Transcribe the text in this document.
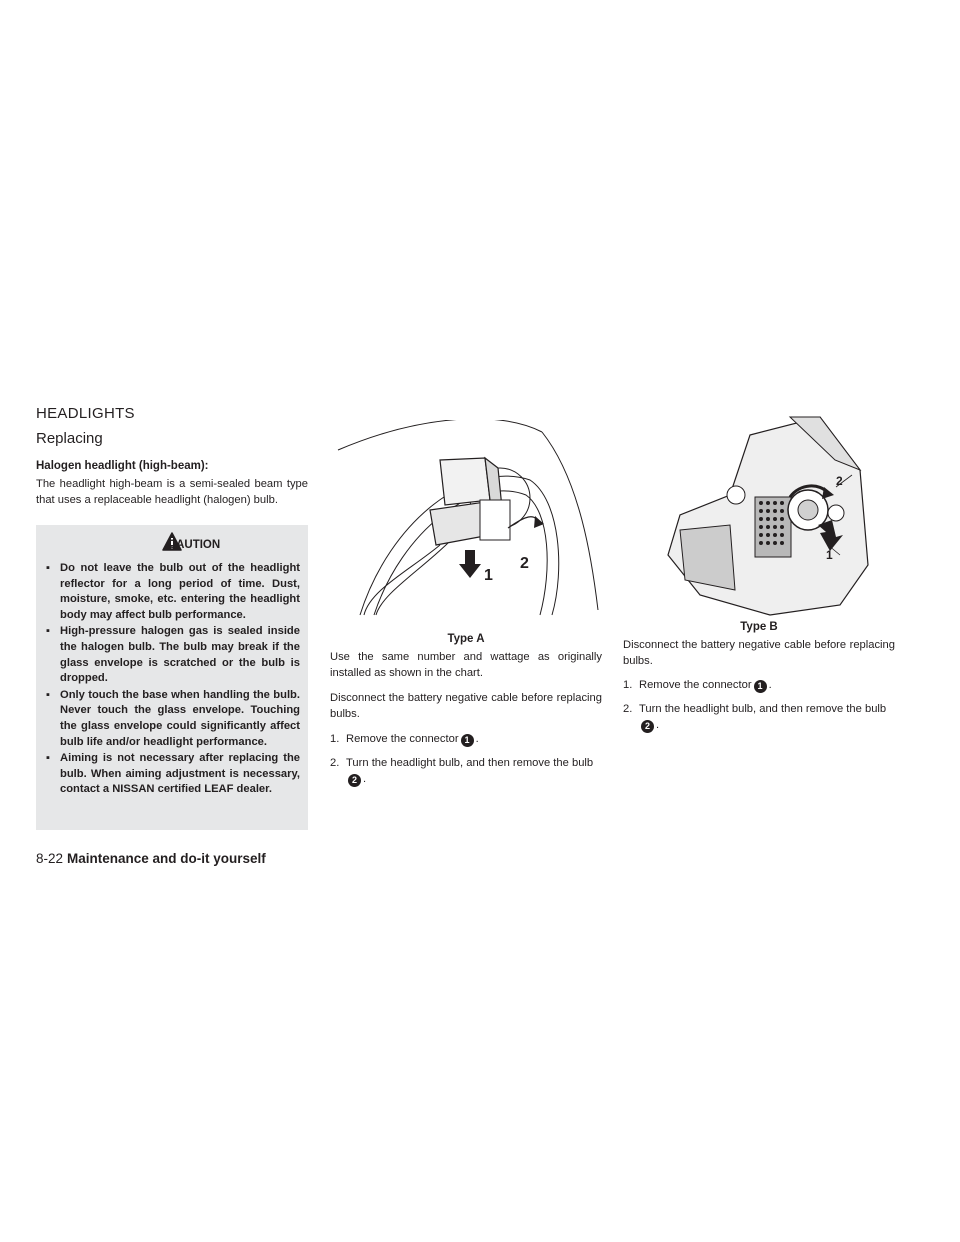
HEADLIGHTS
Replacing
Halogen headlight (high-beam):
The headlight high-beam is a semi-sealed beam type that uses a replaceable headlight (halogen) bulb.
CAUTION
▪ Do not leave the bulb out of the headlight reflector for a long period of time. Dust, moisture, smoke, etc. entering the headlight body may affect bulb performance.
▪ High-pressure halogen gas is sealed inside the halogen bulb. The bulb may break if the glass envelope is scratched or the bulb is dropped.
▪ Only touch the base when handling the bulb. Never touch the glass envelope. Touching the glass envelope could significantly affect bulb life and/or headlight performance.
▪ Aiming is not necessary after replacing the bulb. When aiming adjustment is necessary, contact a NISSAN certified LEAF dealer.
1
2
Type A
Use the same number and wattage as originally installed as shown in the chart.
Disconnect the battery negative cable before replacing bulbs.
1. Remove the connector 1 .
2. Turn the headlight bulb, and then remove the bulb2 .
2
1
Type B
Disconnect the battery negative cable before replacing bulbs.
1. Remove the connector 1 .
2. Turn the headlight bulb, and then remove the bulb2 .
8-22 Maintenance and do-it yourself
